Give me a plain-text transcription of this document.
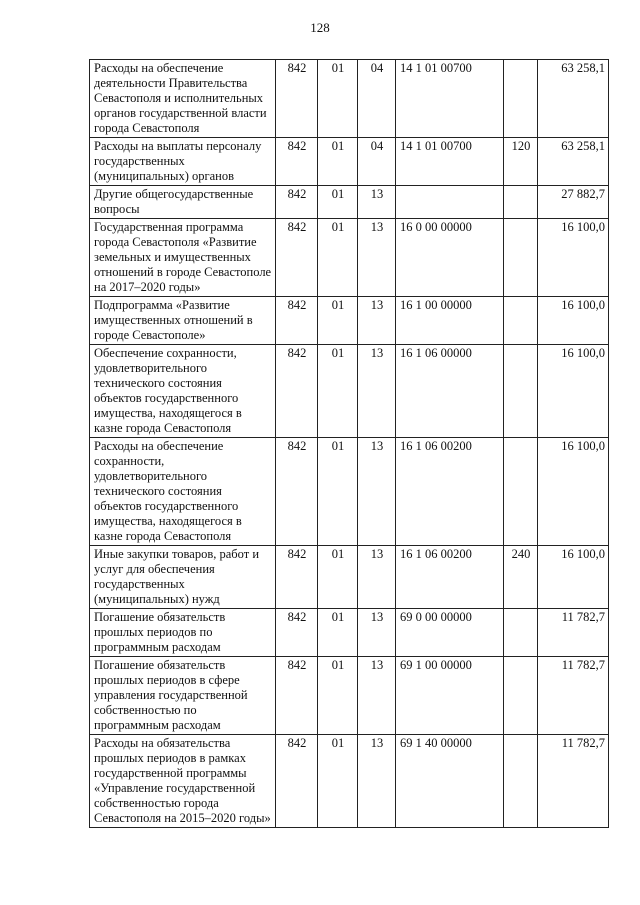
128
Расходы на обеспечение деятельности Правительства Севастополя и исполнительных органов государственной власти города Севастополя	842	01	04	14 1 01 00700		63 258,1
Расходы на выплаты персоналу государственных (муниципальных) органов	842	01	04	14 1 01 00700	120	63 258,1
Другие общегосударственные вопросы	842	01	13			27 882,7
Государственная программа города Севастополя «Развитие земельных и имущественных отношений в городе Севастополе на 2017–2020 годы»	842	01	13	16 0 00 00000		16 100,0
Подпрограмма «Развитие имущественных отношений в городе Севастополе»	842	01	13	16 1 00 00000		16 100,0
Обеспечение сохранности, удовлетворительного технического состояния объектов государственного имущества, находящегося в казне города Севастополя	842	01	13	16 1 06 00000		16 100,0
Расходы на обеспечение сохранности, удовлетворительного технического состояния объектов государственного имущества, находящегося в казне города Севастополя	842	01	13	16 1 06 00200		16 100,0
Иные закупки товаров, работ и услуг для обеспечения государственных (муниципальных) нужд	842	01	13	16 1 06 00200	240	16 100,0
Погашение обязательств прошлых периодов по программным расходам	842	01	13	69 0 00 00000		11 782,7
Погашение обязательств прошлых периодов в сфере управления государственной собственностью по программным расходам	842	01	13	69 1 00 00000		11 782,7
Расходы на обязательства прошлых периодов в рамках государственной программы «Управление государственной собственностью города Севастополя на 2015–2020 годы»	842	01	13	69 1 40 00000		11 782,7
